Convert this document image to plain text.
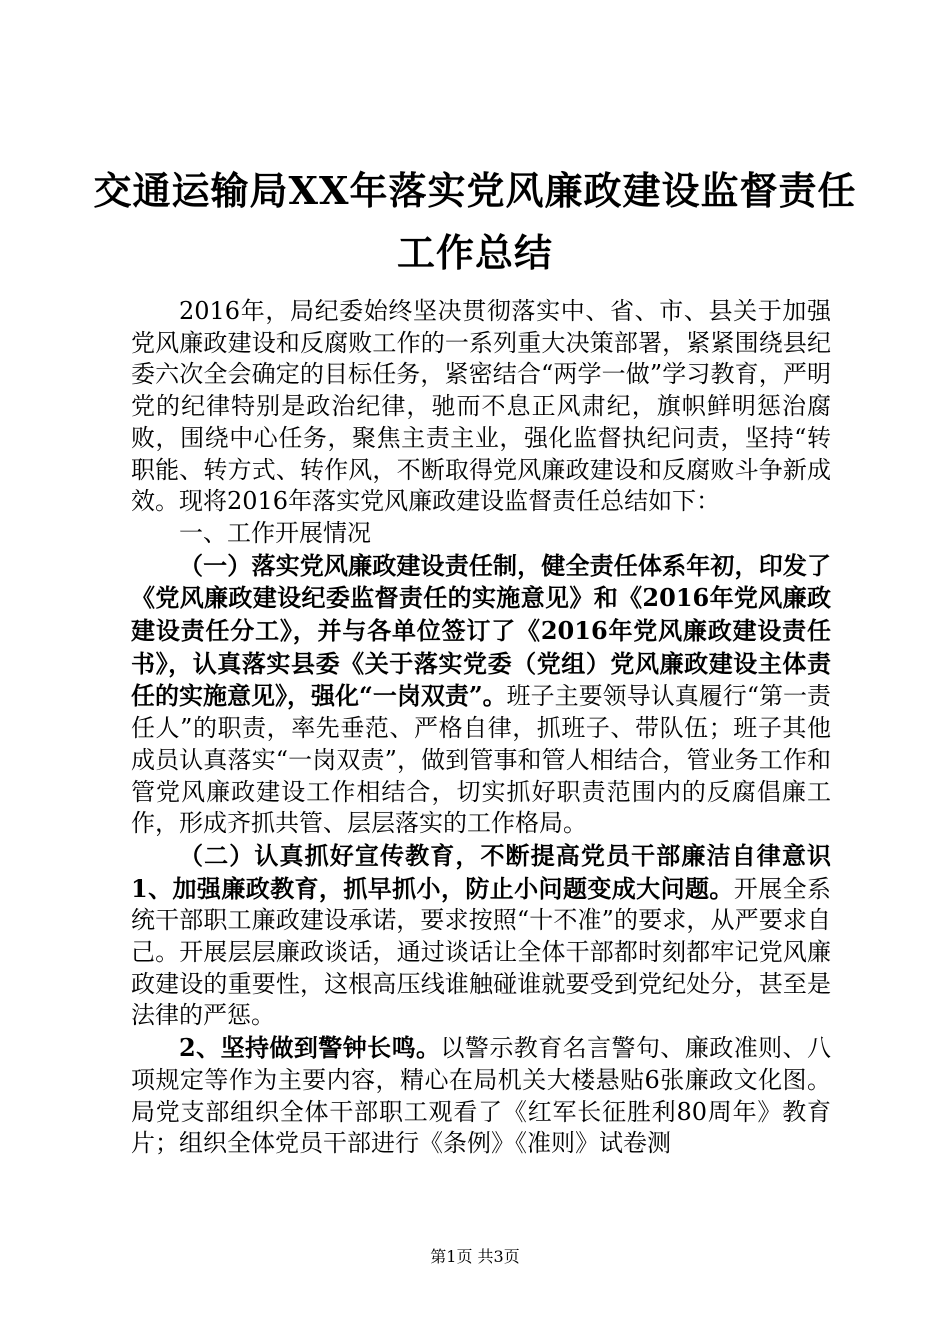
交通运输局XX年落实党风廉政建设监督责任
工作总结

2016年，局纪委始终坚决贯彻落实中、省、市、县关于加强党风廉政建设和反腐败工作的一系列重大决策部署，紧紧围绕县纪委六次全会确定的目标任务，紧密结合“两学一做”学习教育，严明党的纪律特别是政治纪律，驰而不息正风肃纪，旗帜鲜明惩治腐败，围绕中心任务，聚焦主责主业，强化监督执纪问责，坚持“转职能、转方式、转作风，不断取得党风廉政建设和反腐败斗争新成效。现将2016年落实党风廉政建设监督责任总结如下：

一、工作开展情况

（一）落实党风廉政建设责任制，健全责任体系年初，印发了《党风廉政建设纪委监督责任的实施意见》和《2016年党风廉政建设责任分工》，并与各单位签订了《2016年党风廉政建设责任书》，认真落实县委《关于落实党委（党组）党风廉政建设主体责任的实施意见》，强化“一岗双责”。班子主要领导认真履行“第一责任人”的职责，率先垂范、严格自律，抓班子、带队伍；班子其他成员认真落实“一岗双责”，做到管事和管人相结合，管业务工作和管党风廉政建设工作相结合，切实抓好职责范围内的反腐倡廉工作，形成齐抓共管、层层落实的工作格局。

（二）认真抓好宣传教育，不断提高党员干部廉洁自律意识1、加强廉政教育，抓早抓小，防止小问题变成大问题。开展全系统干部职工廉政建设承诺，要求按照“十不准”的要求，从严要求自己。开展层层廉政谈话，通过谈话让全体干部都时刻都牢记党风廉政建设的重要性，这根高压线谁触碰谁就要受到党纪处分，甚至是法律的严惩。

2、坚持做到警钟长鸣。以警示教育名言警句、廉政准则、八项规定等作为主要内容，精心在局机关大楼悬贴6张廉政文化图。局党支部组织全体干部职工观看了《红军长征胜利80周年》教育片；组织全体党员干部进行《条例》《准则》试卷测

第1页 共3页
